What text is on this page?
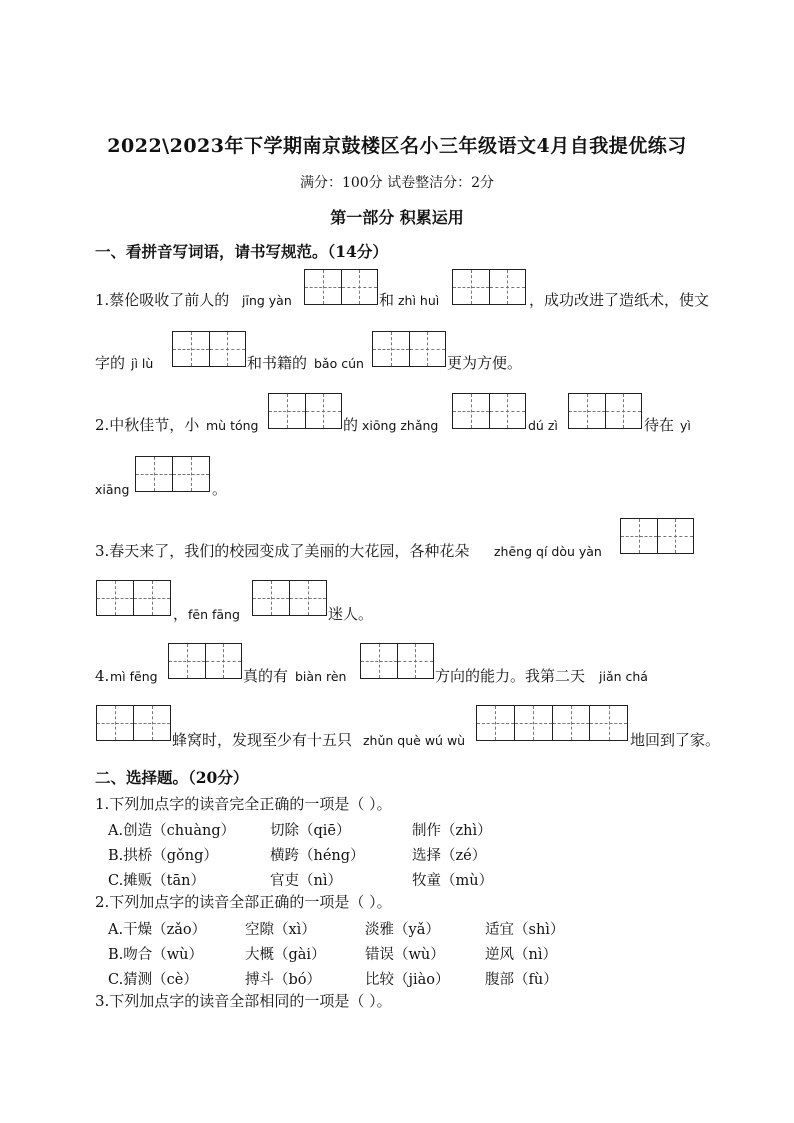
2022\2023年下学期南京鼓楼区名小三年级语文4月自我提优练习
满分：100分 试卷整洁分：2分
第一部分 积累运用
一、看拼音写词语，请书写规范。（14分）
1.蔡伦吸收了前人的 jīng yàn	和 zhì huì	，成功改进了造纸术，使文
字的 jì lù	和书籍的 bǎo cún	更为方便。
2.中秋佳节，小 mù tóng	的 xiōng zhǎng	dú zì	待在 yì
xiāng	。
3.春天来了，我们的校园变成了美丽的大花园，各种花朵 zhēng qí dòu yàn
， fēn fāng	迷人。
4. mì fēng	真的有 biàn rèn	方向的能力。我第二天 jiǎn chá
蜂窝时，发现至少有十五只 zhǔn què wú wù	地回到了家。
二、选择题。（20分）
1.下列加点字的读音完全正确的一项是（ ）。
A.创造（chuàng） 切除（qiē）	制作（zhì）
B.拱桥（gǒng）	横跨（héng）	选择（zé）
C.摊贩（tān）	官吏（nì）	牧童（mù）
2.下列加点字的读音全部正确的一项是（ ）。
A.干燥（zǎo）	空隙（xì）	淡雅（yǎ）	适宜（shì）
B.吻合（wù）	大概（gài）	错误（wù）	逆风（nì）
C.猜测（cè）	搏斗（bó）	比较（jiào） 腹部（fù）
3.下列加点字的读音全部相同的一项是（ ）。
